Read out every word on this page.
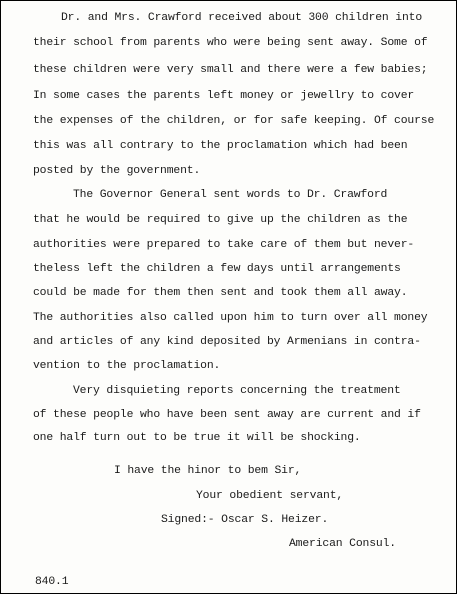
Dr. and Mrs. Crawford received about 300 children into
their school from parents who were being sent away. Some of
these children were very small and there were a few babies;
In some cases the parents left money or jewellry to cover
the expenses of the children, or for safe keeping. Of course
this was all contrary to the proclamation which had been
posted by the government.
The Governor General sent words to Dr. Crawford
that he would be required to give up the children as the
authorities were prepared to take care of them but never-
theless left the children a few days until arrangements
could be made for them then sent and took them all away.
The authorities also called upon him to turn over all money
and articles of any kind deposited by Armenians in contra-
vention to the proclamation.
Very disquieting reports concerning the treatment
of these people who have been sent away are current and if
one half turn out to be true it will be shocking.
I have the hinor to bem Sir,
Your obedient servant,
Signed:- Oscar S. Heizer.
American Consul.
840.1
